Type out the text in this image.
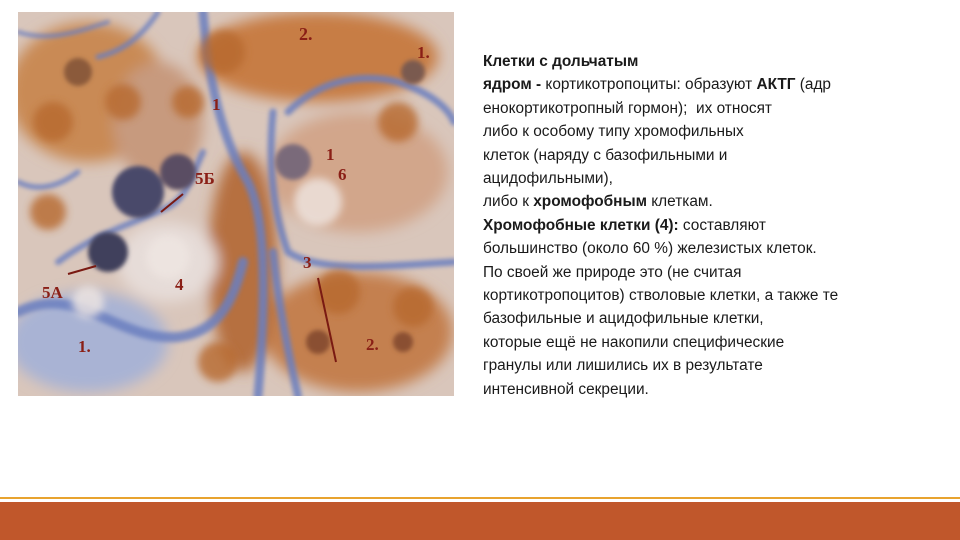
2.
1.
1
5Б
1
6
3
4
5А
1.	2.
Клетки с дольчатым
ядром - кортикотропоциты: образуют АКТГ (адр
енокортикотропный гормон);  их относят
либо к особому типу хромофильных
клеток (наряду с базофильными и
ацидофильными),
либо к хромофобным клеткам.
Хромофобные клетки (4): составляют
большинство (около 60 %) железистых клеток.
По своей же природе это (не считая
кортикотропоцитов) стволовые клетки, а также те
базофильные и ацидофильные клетки,
которые ещё не накопили специфические
гранулы или лишились их в результате
интенсивной секреции.
